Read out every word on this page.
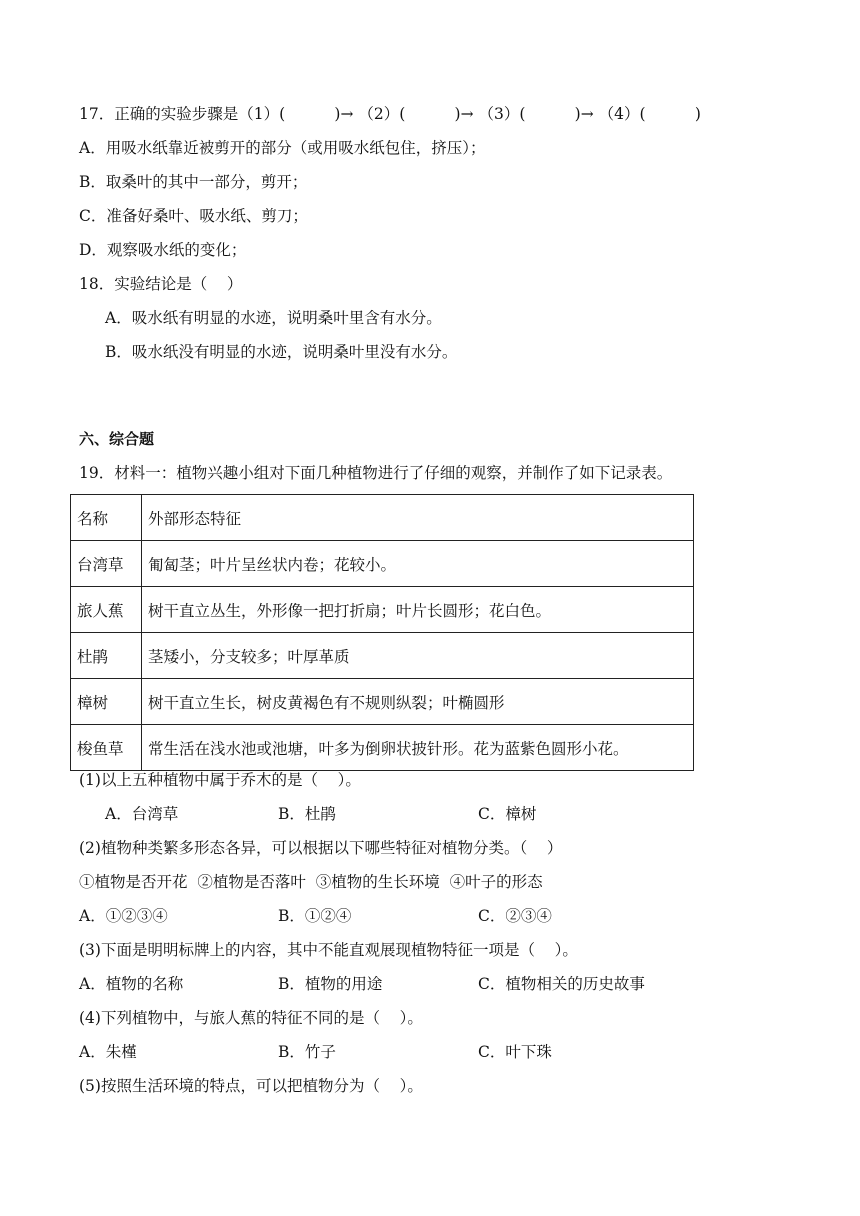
17．正确的实验步骤是（1）(          )→ （2）(          )→ （3）(          )→ （4）(          )
A．用吸水纸靠近被剪开的部分（或用吸水纸包住，挤压）；
B．取桑叶的其中一部分，剪开；
C．准备好桑叶、吸水纸、剪刀；
D．观察吸水纸的变化；
18．实验结论是（    ）
A．吸水纸有明显的水迹，说明桑叶里含有水分。
B．吸水纸没有明显的水迹，说明桑叶里没有水分。
六、综合题
19．材料一：植物兴趣小组对下面几种植物进行了仔细的观察，并制作了如下记录表。
名称	外部形态特征
台湾草	匍匐茎；叶片呈丝状内卷；花较小。
旅人蕉	树干直立丛生，外形像一把打折扇；叶片长圆形；花白色。
杜鹃	茎矮小，分支较多；叶厚革质
樟树	树干直立生长，树皮黄褐色有不规则纵裂；叶椭圆形
梭鱼草	常生活在浅水池或池塘，叶多为倒卵状披针形。花为蓝紫色圆形小花。
(1)以上五种植物中属于乔木的是（    ）。
A．台湾草	B．杜鹃	C．樟树
(2)植物种类繁多形态各异，可以根据以下哪些特征对植物分类。（    ）
①植物是否开花  ②植物是否落叶  ③植物的生长环境  ④叶子的形态
A．①②③④	B．①②④	C．②③④
(3)下面是明明标牌上的内容，其中不能直观展现植物特征一项是（    ）。
A．植物的名称	B．植物的用途	C．植物相关的历史故事
(4)下列植物中，与旅人蕉的特征不同的是（    ）。
A．朱槿	B．竹子	C．叶下珠
(5)按照生活环境的特点，可以把植物分为（    ）。
